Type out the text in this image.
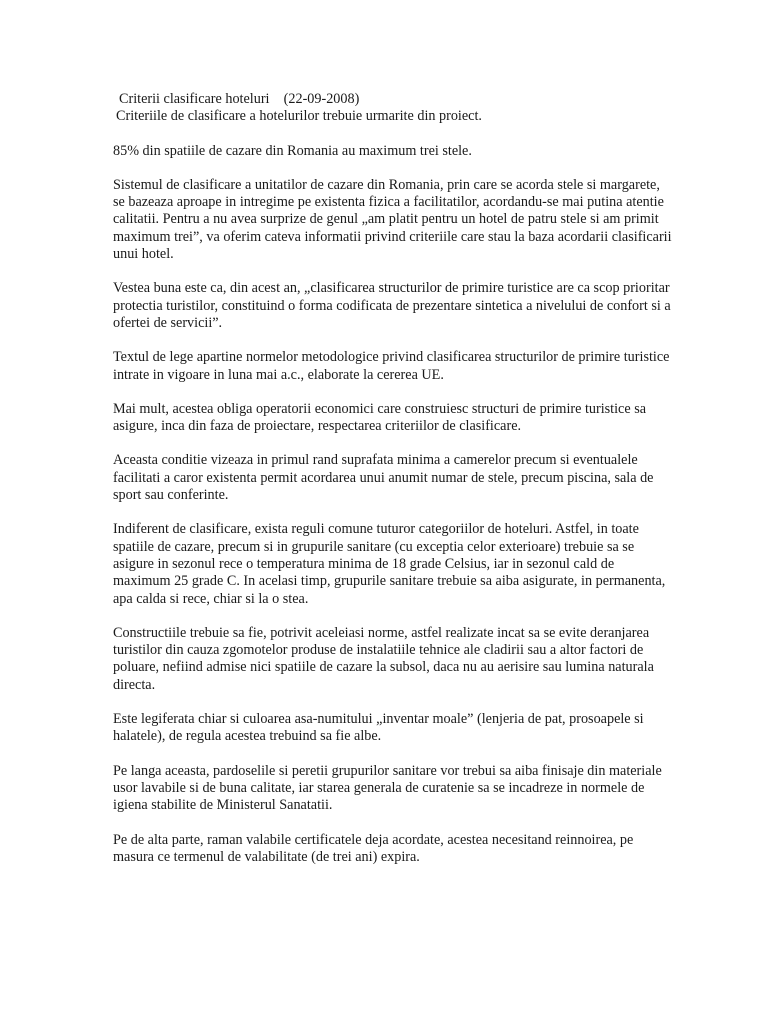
Criterii clasificare hoteluri    (22-09-2008)

Criteriile de clasificare a hotelurilor trebuie urmarite din proiect.

85% din spatiile de cazare din Romania au maximum trei stele.

Sistemul de clasificare a unitatilor de cazare din Romania, prin care se acorda stele si margarete, se bazeaza aproape in intregime pe existenta fizica a facilitatilor, acordandu-se mai putina atentie calitatii. Pentru a nu avea surprize de genul „am platit pentru un hotel de patru stele si am primit maximum trei”, va oferim cateva informatii privind criteriile care stau la baza acordarii clasificarii unui hotel.

Vestea buna este ca, din acest an, „clasificarea structurilor de primire turistice are ca scop prioritar protectia turistilor, constituind o forma codificata de prezentare sintetica a nivelului de confort si a ofertei de servicii”.

Textul de lege apartine normelor metodologice privind clasificarea structurilor de primire turistice intrate in vigoare in luna mai a.c., elaborate la cererea UE.

Mai mult, acestea obliga operatorii economici care construiesc structuri de primire turistice sa asigure, inca din faza de proiectare, respectarea criteriilor de clasificare.

Aceasta conditie vizeaza in primul rand suprafata minima a camerelor precum si eventualele facilitati a caror existenta permit acordarea unui anumit numar de stele, precum piscina, sala de sport sau conferinte.

Indiferent de clasificare, exista reguli comune tuturor categoriilor de hoteluri. Astfel, in toate spatiile de cazare, precum si in grupurile sanitare (cu exceptia celor exterioare) trebuie sa se asigure in sezonul rece o temperatura minima de 18 grade Celsius, iar in sezonul cald de maximum 25 grade C. In acelasi timp, grupurile sanitare trebuie sa aiba asigurate, in permanenta, apa calda si rece, chiar si la o stea.

Constructiile trebuie sa fie, potrivit aceleiasi norme, astfel realizate incat sa se evite deranjarea turistilor din cauza zgomotelor produse de instalatiile tehnice ale cladirii sau a altor factori de poluare, nefiind admise nici spatiile de cazare la subsol, daca nu au aerisire sau lumina naturala directa.

Este legiferata chiar si culoarea asa-numitului „inventar moale” (lenjeria de pat, prosoapele si halatele), de regula acestea trebuind sa fie albe.

Pe langa aceasta, pardoselile si peretii grupurilor sanitare vor trebui sa aiba finisaje din materiale usor lavabile si de buna calitate, iar starea generala de curatenie sa se incadreze in normele de igiena stabilite de Ministerul Sanatatii.

Pe de alta parte, raman valabile certificatele deja acordate, acestea necesitand reinnoirea, pe masura ce termenul de valabilitate (de trei ani) expira.
